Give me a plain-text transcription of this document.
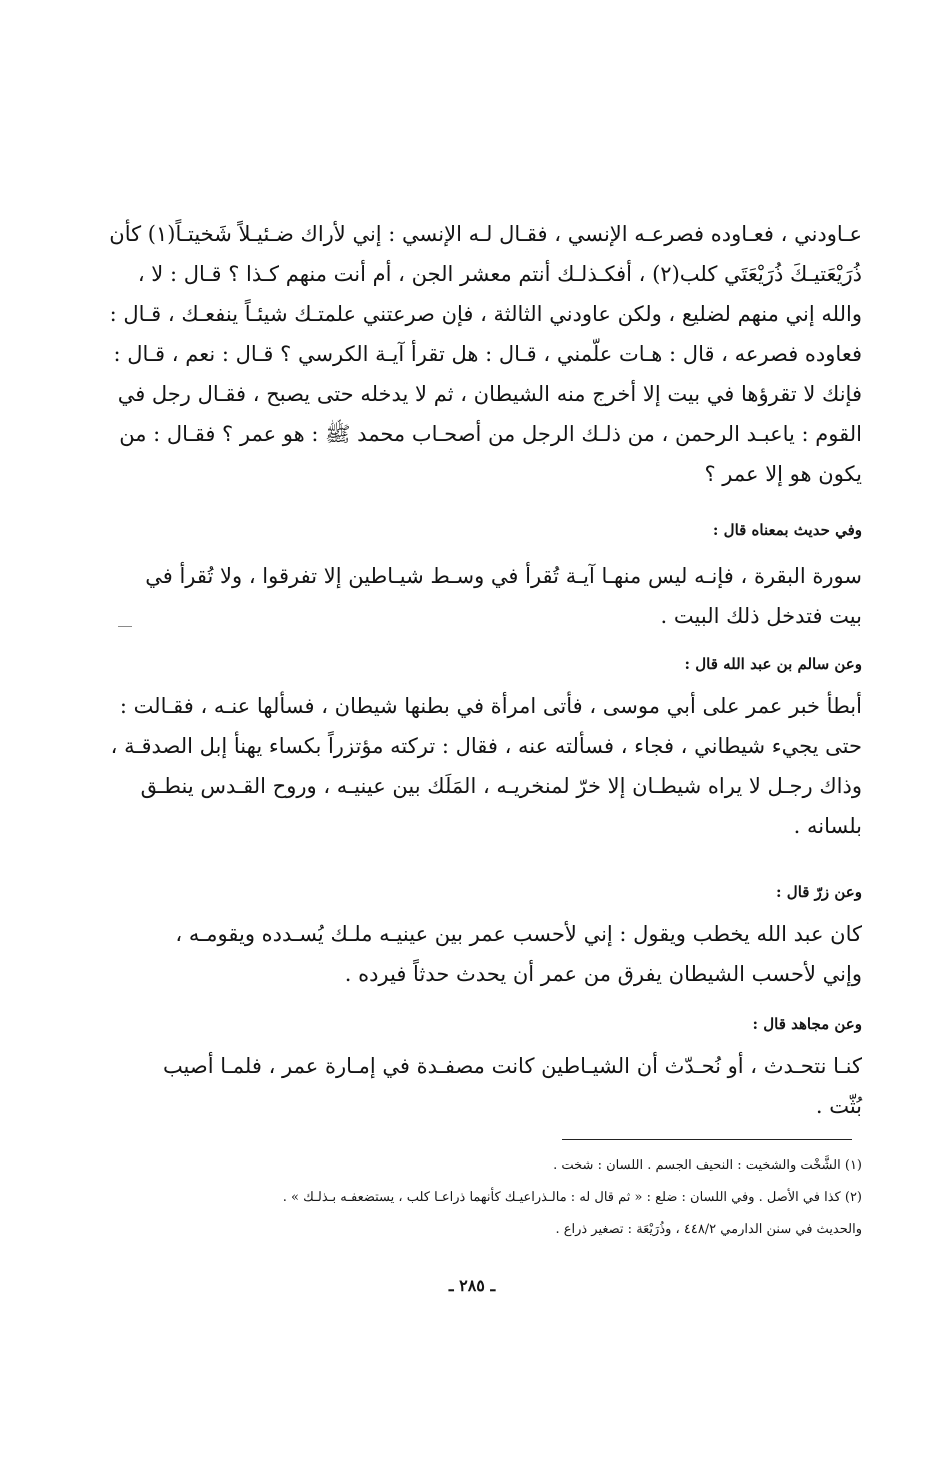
عـاودني ، فعـاوده فصرعـه الإنسي ، فقـال لـه الإنسي : إني لأراك ضـئيـلاً شَخيتـاً(١) كأن
ذُرَيْعَتيـكَ ذُرَيْعَتَي كلب(٢) ، أفكـذلـك أنتم معشر الجن ، أم أنت منهم كـذا ؟ قـال : لا ،
والله إني منهم لضليع ، ولكن عاودني الثالثة ، فإن صرعتني علمتـك شيئـاً ينفعـك ، قـال :
فعاوده فصرعه ، قال : هـات علّمني ، قـال : هل تقرأ آيـة الكرسي ؟ قـال : نعم ، قـال :
فإنك لا تقرؤها في بيت إلا أخرج منه الشيطان ، ثم لا يدخله حتى يصبح ، فقـال رجل في
القوم : ياعبـد الرحمن ، من ذلـك الرجل من أصحـاب محمد ﷺ : هو عمر ؟ فقـال : من
يكون هو إلا عمر ؟
وفي حديث بمعناه قال :
سورة البقرة ، فإنـه ليس منهـا آيـة تُقرأ في وسـط شيـاطين إلا تفرقوا ، ولا تُقرأ في
بيت فتدخل ذلك البيت .
وعن سالم بن عبد الله قال :
أبطأ خبر عمر على أبي موسى ، فأتى امرأة في بطنها شيطان ، فسألها عنـه ، فقـالت :
حتى يجيء شيطاني ، فجاء ، فسألته عنه ، فقال : تركته مؤتزراً بكساء يهنأ إبل الصدقـة ،
وذاك رجـل لا يراه شيطـان إلا خرّ لمنخريـه ، المَلَك بين عينيـه ، وروح القـدس ينطـق
بلسانه .
وعن زرّ قال :
كان عبد الله يخطب ويقول : إني لأحسب عمر بين عينيـه ملـك يُسـدده ويقومـه ،
وإني لأحسب الشيطان يفرق من عمر أن يحدث حدثاً فيرده .
وعن مجاهد قال :
كنـا نتحـدث ، أو نُحـدّث أن الشيـاطين كانت مصفـدة في إمـارة عمر ، فلمـا أصيب
بُثّت .
(١) الشَّخْت والشخيت : النحيف الجسم . اللسان : شخت .
(٢) كذا في الأصل . وفي اللسان : ضلع : « ثم قال له : مالـذراعيـك كأنهما ذراعـا كلب ، يستضعفـه بـذلـك » .
والحديث في سنن الدارمي ٤٤٨/٢ ، وذُرَيْعَة : تصغير ذراع .
ـ ٢٨٥ ـ
